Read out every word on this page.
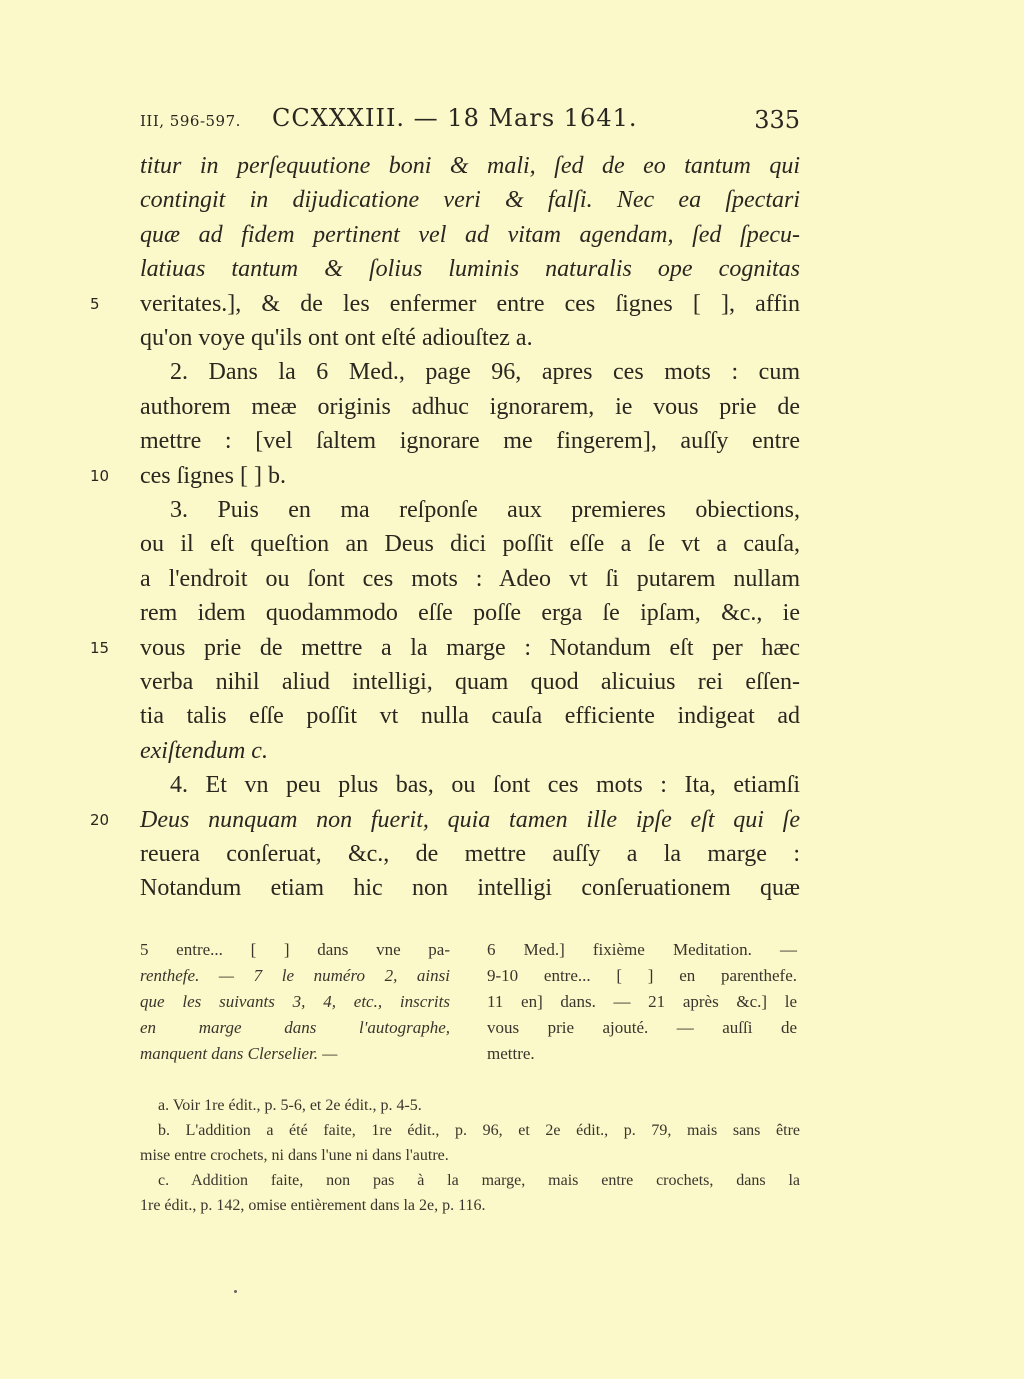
III, 596-597. CCXXXIII. — 18 Mars 1641.	335
titur in perſequutione boni & mali, ſed de eo tantum qui
contingit in dijudicatione veri & falſi. Nec ea ſpectari
quæ ad fidem pertinent vel ad vitam agendam, ſed ſpecu-
latiuas tantum & ſolius luminis naturalis ope cognitas
5	veritates.], & de les enfermer entre ces ſignes [ ], affin
qu'on voye qu'ils ont ont eſté adiouſtez a.
2. Dans la 6 Med., page 96, apres ces mots : cum
authorem meæ originis adhuc ignorarem, ie vous prie de
mettre : [vel ſaltem ignorare me fingerem], auſſy entre
10	ces ſignes [ ] b.
3. Puis en ma reſponſe aux premieres obiections,
ou il eſt queſtion an Deus dici poſſit eſſe a ſe vt a cauſa,
a l'endroit ou ſont ces mots : Adeo vt ſi putarem nullam
rem idem quodammodo eſſe poſſe erga ſe ipſam, &c., ie
15	vous prie de mettre a la marge : Notandum eſt per hæc
verba nihil aliud intelligi, quam quod alicuius rei eſſen-
tia talis eſſe poſſit vt nulla cauſa efficiente indigeat ad
exiſtendum c.
4. Et vn peu plus bas, ou ſont ces mots : Ita, etiamſi
20	Deus nunquam non fuerit, quia tamen ille ipſe eſt qui ſe
reuera conſeruat, &c., de mettre auſſy a la marge :
Notandum etiam hic non intelligi conſeruationem quæ
5 entre... [ ] dans vne pa-
renthefe. — 7 le numéro 2, ainsi
que les suivants 3, 4, etc., inscrits
en marge dans l'autographe,
manquent dans Clerselier. —
6 Med.] fixième Meditation. —
9-10 entre... [ ] en parenthefe.
11 en] dans. — 21 après &c.] le
vous prie ajouté. — auſſi de
mettre.
a. Voir 1re édit., p. 5-6, et 2e édit., p. 4-5.
b. L'addition a été faite, 1re édit., p. 96, et 2e édit., p. 79, mais sans être
mise entre crochets, ni dans l'une ni dans l'autre.
c. Addition faite, non pas à la marge, mais entre crochets, dans la
1re édit., p. 142, omise entièrement dans la 2e, p. 116.
